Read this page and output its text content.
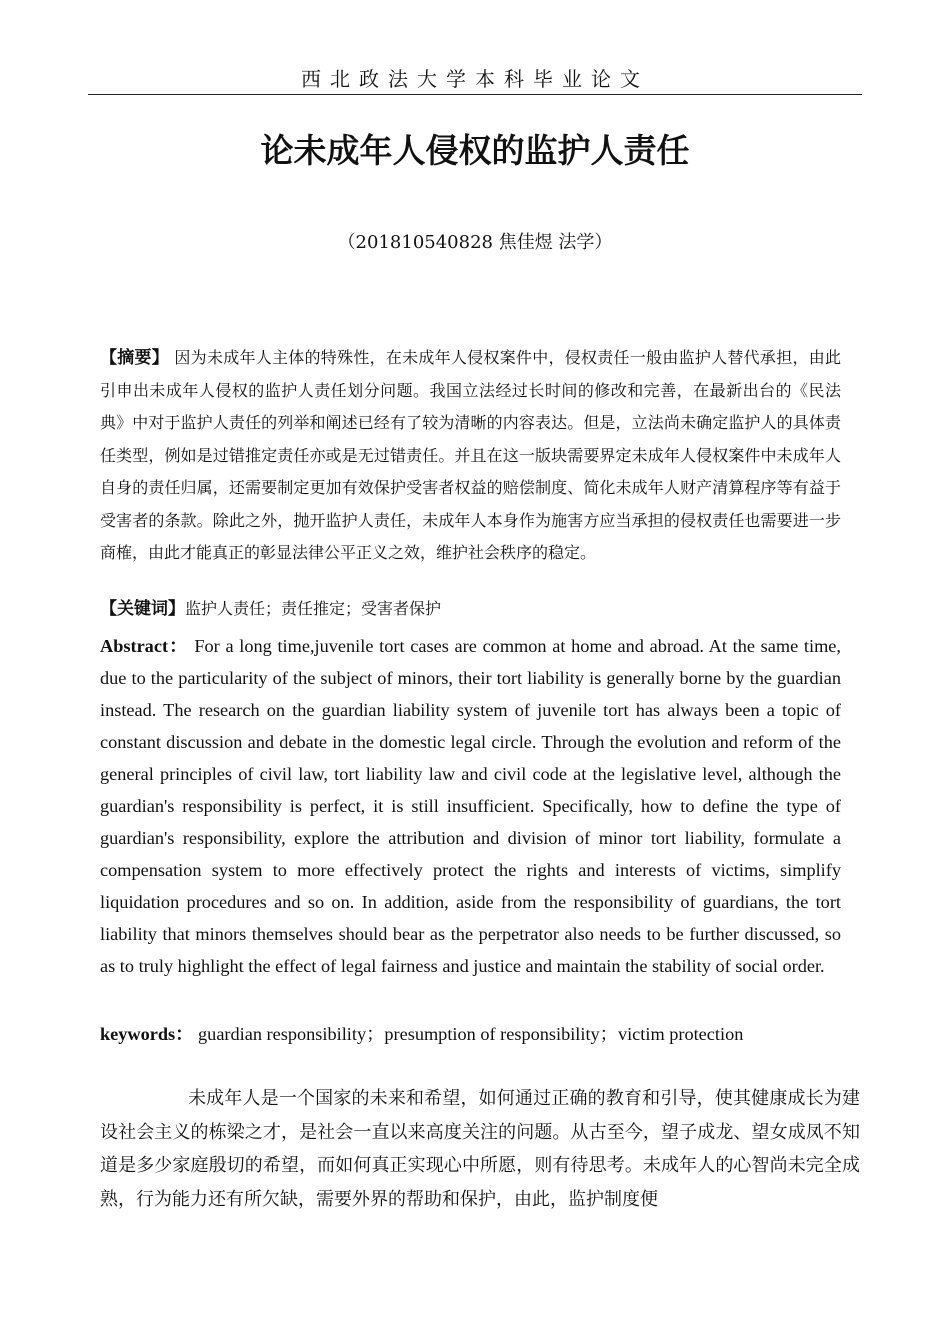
西北政法大学本科毕业论文
论未成年人侵权的监护人责任
（201810540828 焦佳煜 法学）

【摘要】 因为未成年人主体的特殊性，在未成年人侵权案件中，侵权责任一般由监护人替代承担，由此引申出未成年人侵权的监护人责任划分问题。我国立法经过长时间的修改和完善，在最新出台的《民法典》中对于监护人责任的列举和阐述已经有了较为清晰的内容表达。但是，立法尚未确定监护人的具体责任类型，例如是过错推定责任亦或是无过错责任。并且在这一版块需要界定未成年人侵权案件中未成年人自身的责任归属，还需要制定更加有效保护受害者权益的赔偿制度、简化未成年人财产清算程序等有益于受害者的条款。除此之外，抛开监护人责任，未成年人本身作为施害方应当承担的侵权责任也需要进一步商榷，由此才能真正的彰显法律公平正义之效，维护社会秩序的稳定。

【关键词】监护人责任；责任推定；受害者保护

Abstract： For a long time,juvenile tort cases are common at home and abroad. At the same time, due to the particularity of the subject of minors, their tort liability is generally borne by the guardian instead. The research on the guardian liability system of juvenile tort has always been a topic of constant discussion and debate in the domestic legal circle. Through the evolution and reform of the general principles of civil law, tort liability law and civil code at the legislative level, although the guardian's responsibility is perfect, it is still insufficient. Specifically, how to define the type of guardian's responsibility, explore the attribution and division of minor tort liability, formulate a compensation system to more effectively protect the rights and interests of victims, simplify liquidation procedures and so on. In addition, aside from the responsibility of guardians, the tort liability that minors themselves should bear as the perpetrator also needs to be further discussed, so as to truly highlight the effect of legal fairness and justice and maintain the stability of social order.

keywords： guardian responsibility；presumption of responsibility；victim protection

未成年人是一个国家的未来和希望，如何通过正确的教育和引导，使其健康成长为建设社会主义的栋梁之才，是社会一直以来高度关注的问题。从古至今，望子成龙、望女成凤不知道是多少家庭殷切的希望，而如何真正实现心中所愿，则有待思考。未成年人的心智尚未完全成熟，行为能力还有所欠缺，需要外界的帮助和保护，由此，监护制度便
